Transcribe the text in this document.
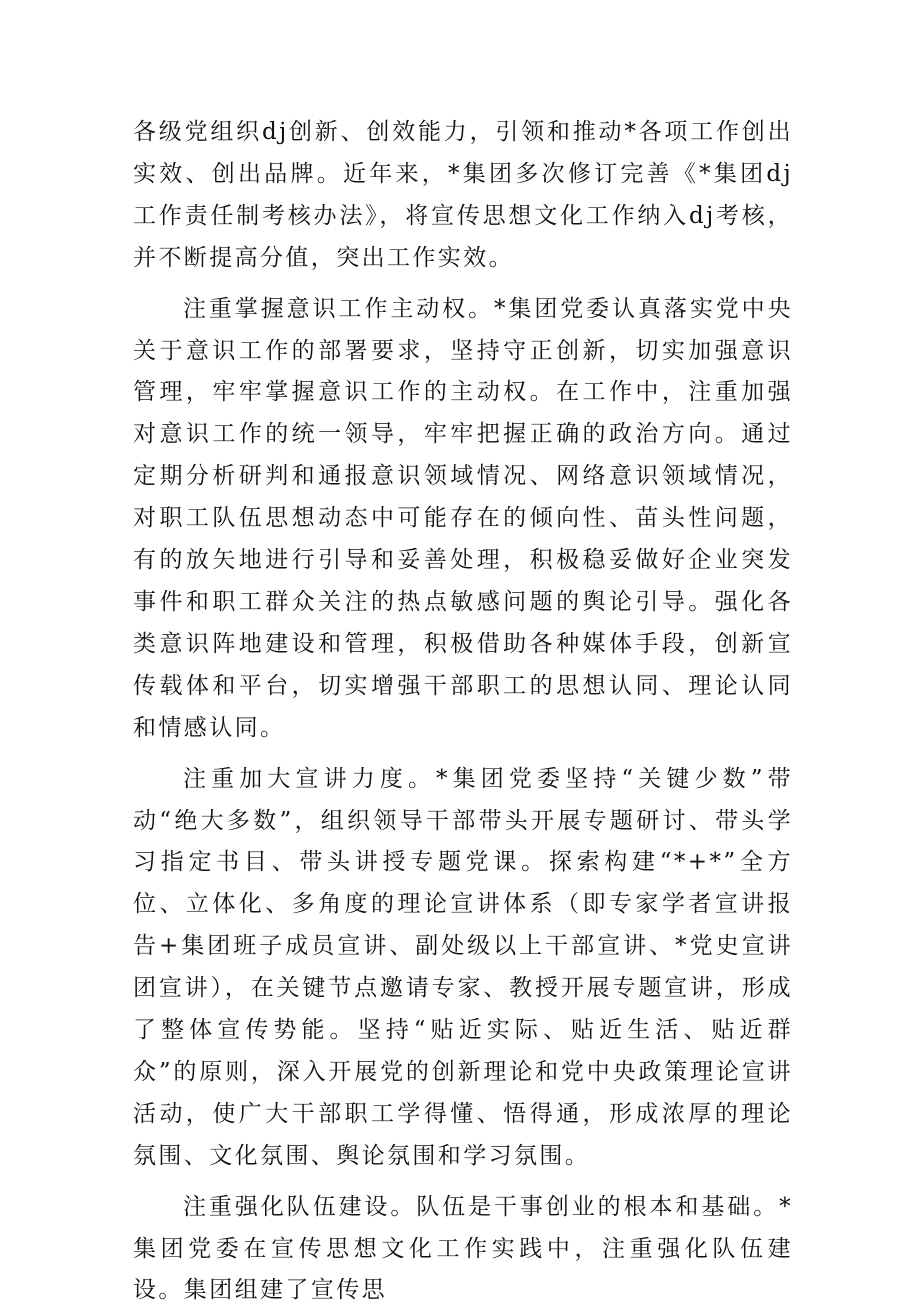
各级党组织dj创新、创效能力，引领和推动*各项工作创出实效、创出品牌。近年来，*集团多次修订完善《*集团dj工作责任制考核办法》，将宣传思想文化工作纳入dj考核，并不断提高分值，突出工作实效。

注重掌握意识工作主动权。*集团党委认真落实党中央关于意识工作的部署要求，坚持守正创新，切实加强意识管理，牢牢掌握意识工作的主动权。在工作中，注重加强对意识工作的统一领导，牢牢把握正确的政治方向。通过定期分析研判和通报意识领域情况、网络意识领域情况，对职工队伍思想动态中可能存在的倾向性、苗头性问题，有的放矢地进行引导和妥善处理，积极稳妥做好企业突发事件和职工群众关注的热点敏感问题的舆论引导。强化各类意识阵地建设和管理，积极借助各种媒体手段，创新宣传载体和平台，切实增强干部职工的思想认同、理论认同和情感认同。

注重加大宣讲力度。*集团党委坚持“关键少数”带动“绝大多数”，组织领导干部带头开展专题研讨、带头学习指定书目、带头讲授专题党课。探索构建“*+*”全方位、立体化、多角度的理论宣讲体系（即专家学者宣讲报告+集团班子成员宣讲、副处级以上干部宣讲、*党史宣讲团宣讲），在关键节点邀请专家、教授开展专题宣讲，形成了整体宣传势能。坚持“贴近实际、贴近生活、贴近群众”的原则，深入开展党的创新理论和党中央政策理论宣讲活动，使广大干部职工学得懂、悟得通，形成浓厚的理论氛围、文化氛围、舆论氛围和学习氛围。

注重强化队伍建设。队伍是干事创业的根本和基础。*集团党委在宣传思想文化工作实践中，注重强化队伍建设。集团组建了宣传思
